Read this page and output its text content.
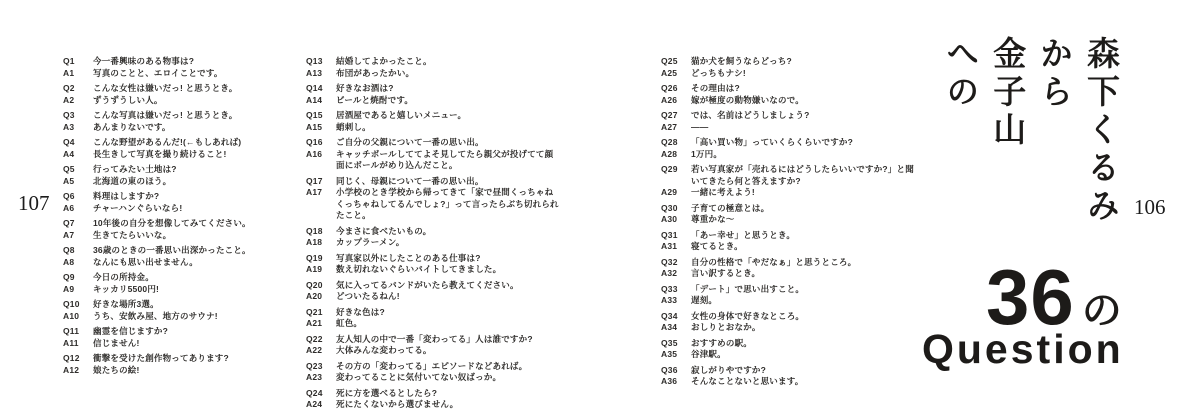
107	106
Q1	今一番興味のある物事は?
A1	写真のことと、エロイことです。
Q2	こんな女性は嫌いだっ! と思うとき。
A2	ずうずうしい人。
Q3	こんな写真は嫌いだっ! と思うとき。
A3	あんまりないです。
Q4	こんな野望があるんだ!(←もしあれば)
A4	長生きして写真を撮り続けること!
Q5	行ってみたい土地は?
A5	北海道の東のほう。
Q6	料理はしますか?
A6	チャーハンぐらいなら!
Q7	10年後の自分を想像してみてください。
A7	生きてたらいいな。
Q8	36歳のときの一番思い出深かったこと。
A8	なんにも思い出せません。
Q9	今日の所持金。
A9	キッカリ5500円!
Q10	好きな場所3選。
A10	うち、安飲み屋、地方のサウナ!
Q11	幽霊を信じますか?
A11	信じません!
Q12	衝撃を受けた創作物ってあります?
A12	娘たちの絵!
Q13	結婚してよかったこと。
A13	布団があったかい。
Q14	好きなお酒は?
A14	ビールと焼酎です。
Q15	居酒屋であると嬉しいメニュー。
A15	蛸刺し。
Q16	ご自分の父親について一番の思い出。
A16	キャッチボールしててよそ見してたら親父が投げてて顔面にボールがめり込んだこと。
Q17	同じく、母親について一番の思い出。
A17	小学校のとき学校から帰ってきて「家で昼間くっちゃねくっちゃねしてるんでしょ?」って言ったらぶち切れられたこと。
Q18	今まさに食べたいもの。
A18	カップラーメン。
Q19	写真家以外にしたことのある仕事は?
A19	数え切れないぐらいバイトしてきました。
Q20	気に入ってるバンドがいたら教えてください。
A20	どついたるねん!
Q21	好きな色は?
A21	虹色。
Q22	友人知人の中で一番「変わってる」人は誰ですか?
A22	大体みんな変わってる。
Q23	その方の「変わってる」エピソードなどあれば。
A23	変わってることに気付いてない奴ばっか。
Q24	死に方を選べるとしたら?
A24	死にたくないから選びません。
Q25	猫か犬を飼うならどっち?
A25	どっちもナシ!
Q26	その理由は?
A26	嫁が極度の動物嫌いなので。
Q27	では、名前はどうしましょう?
A27	――
Q28	「高い買い物」っていくらくらいですか?
A28	1万円。
Q29	若い写真家が「売れるにはどうしたらいいですか?」と聞いてきたら何と答えますか?
A29	一緒に考えよう!
Q30	子育ての極意とは。
A30	尊重かな〜
Q31	「あー幸せ」と思うとき。
A31	寝てるとき。
Q32	自分の性格で「やだなぁ」と思うところ。
A32	言い訳するとき。
Q33	「デート」で思い出すこと。
A33	遅刻。
Q34	女性の身体で好きなところ。
A34	おしりとおなか。
Q35	おすすめの駅。
A35	谷津駅。
Q36	寂しがりやですか?
A36	そんなことないと思います。
森下くるみ
から
金子山
への
36 の
Question
